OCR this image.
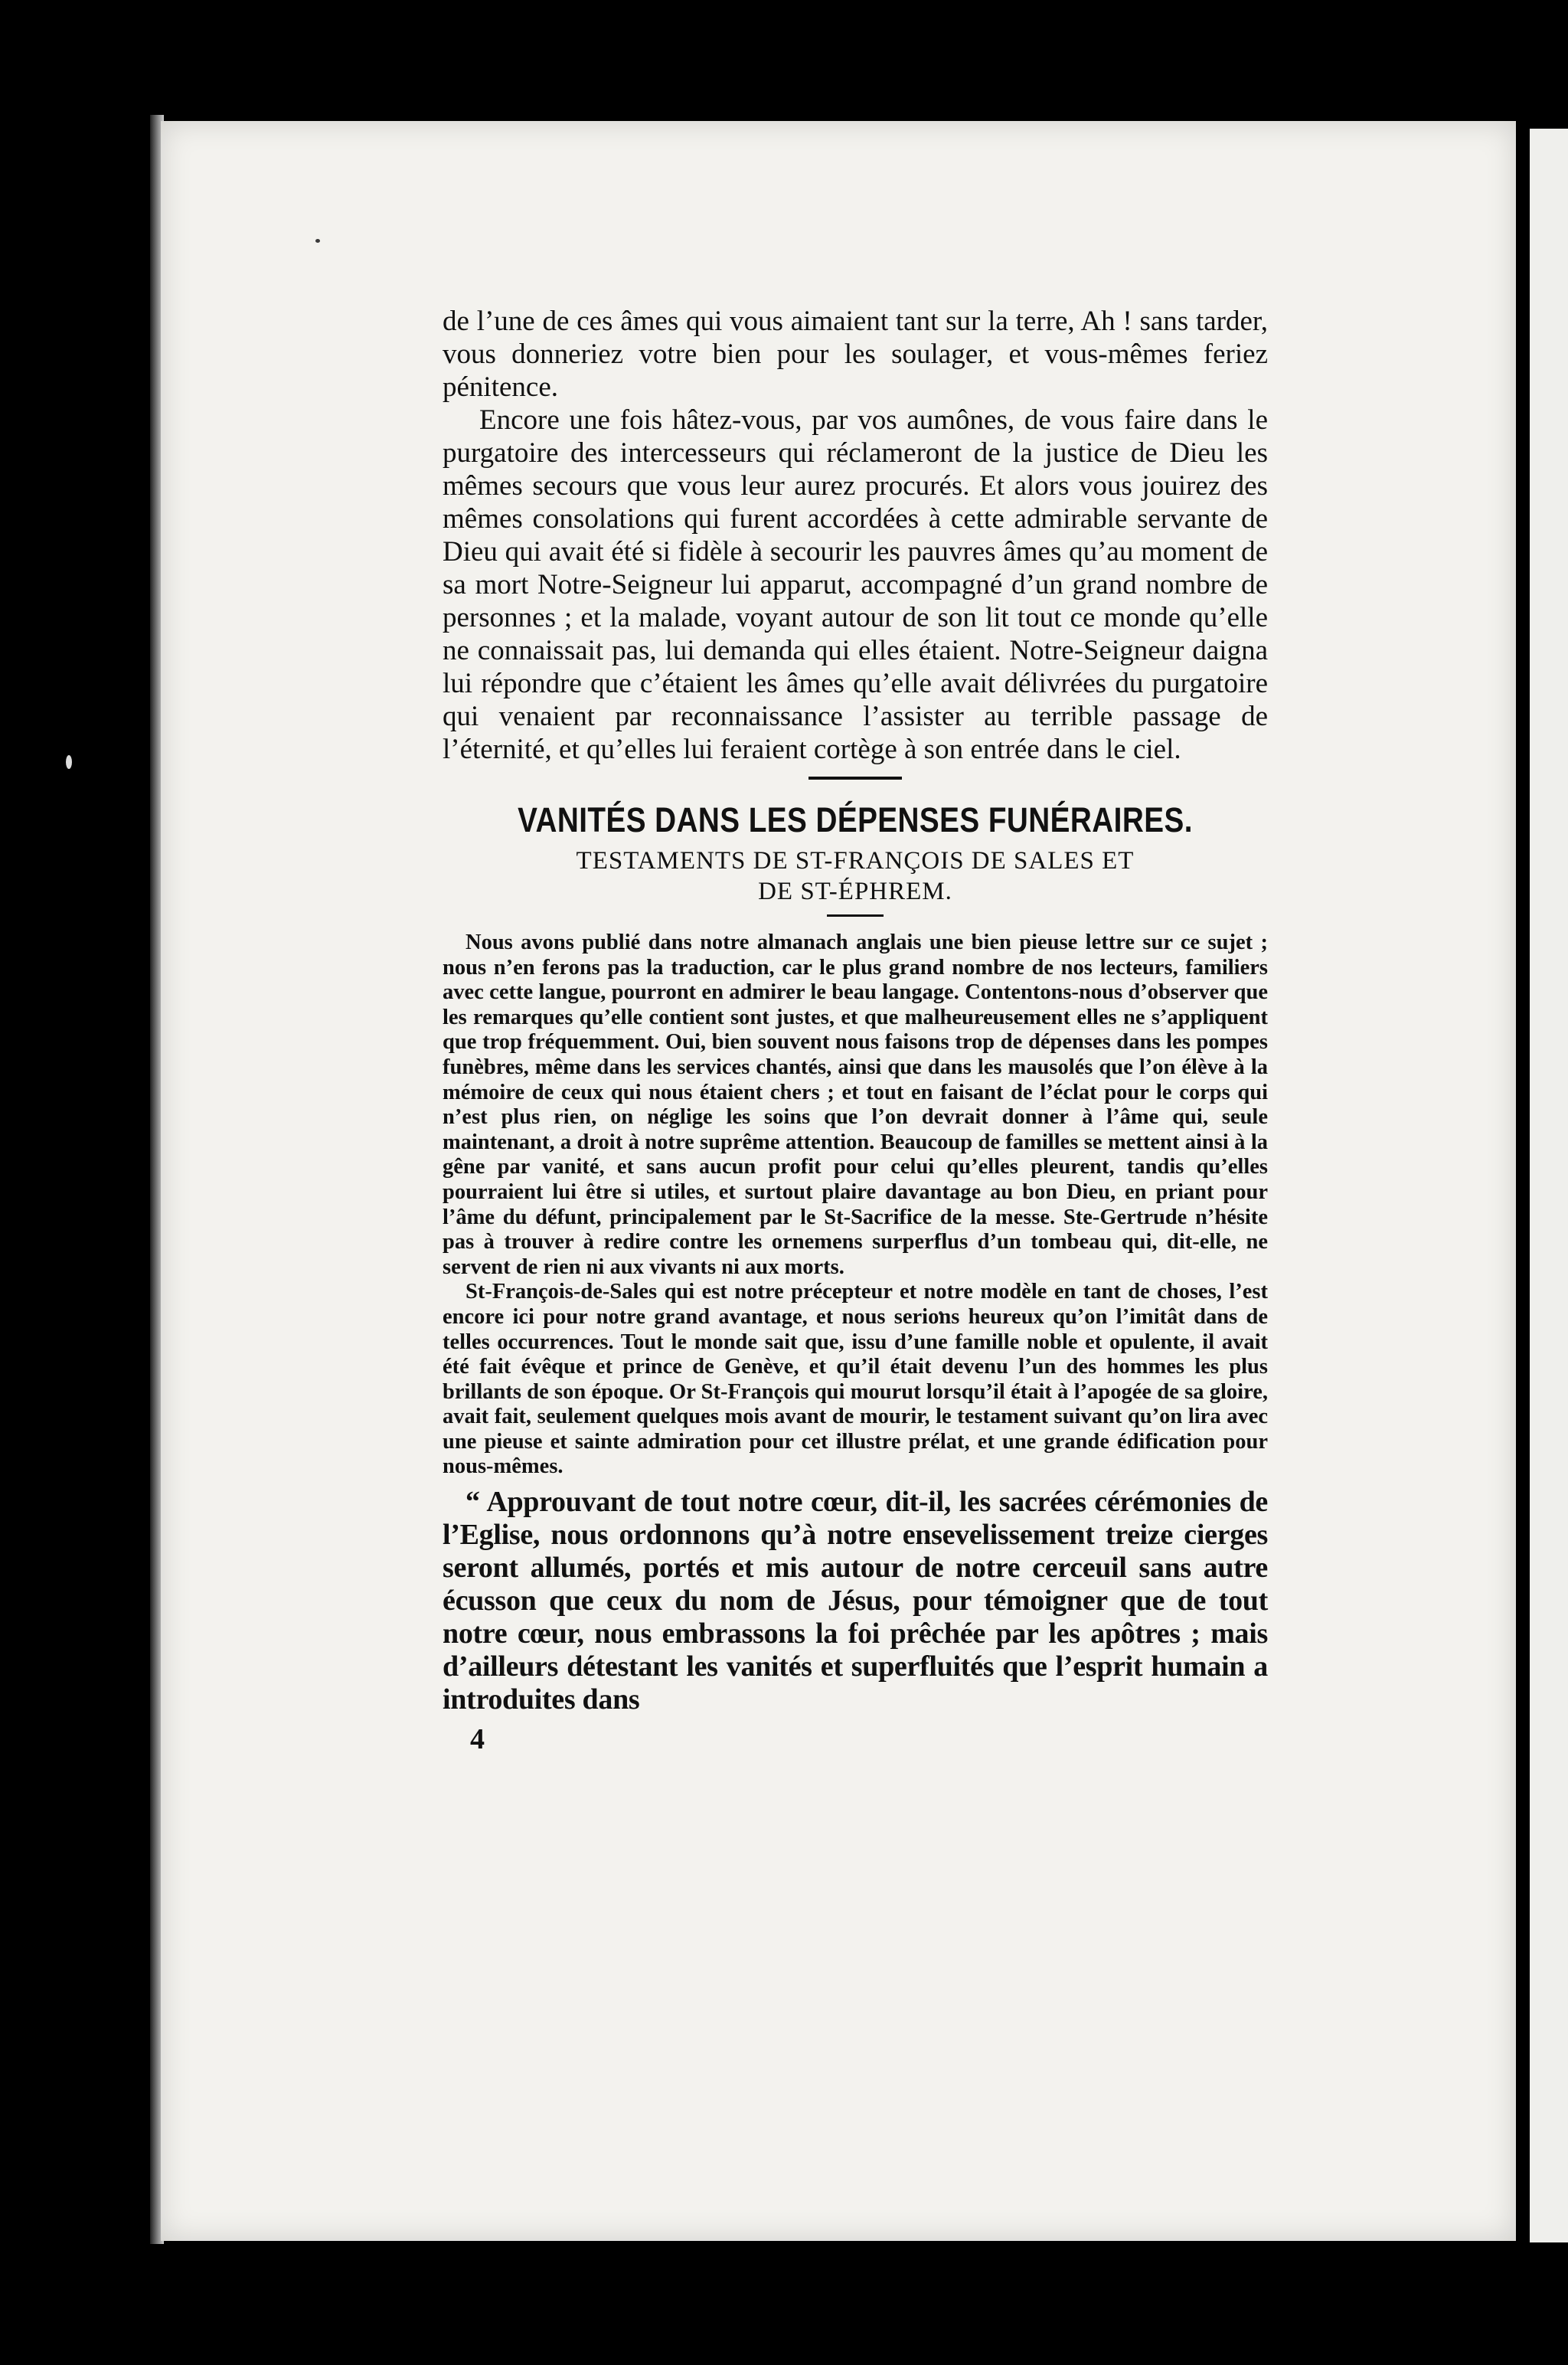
de l’une de ces âmes qui vous aimaient tant sur la terre, Ah ! sans tarder, vous donneriez votre bien pour les soulager, et vous-mêmes feriez pénitence.

Encore une fois hâtez-vous, par vos aumônes, de vous faire dans le purgatoire des intercesseurs qui réclameront de la justice de Dieu les mêmes secours que vous leur aurez procurés. Et alors vous jouirez des mêmes consolations qui furent accordées à cette admirable servante de Dieu qui avait été si fidèle à secourir les pauvres âmes qu’au moment de sa mort Notre-Seigneur lui apparut, accompagné d’un grand nombre de personnes ; et la malade, voyant autour de son lit tout ce monde qu’elle ne connaissait pas, lui demanda qui elles étaient. Notre-Seigneur daigna lui répondre que c’étaient les âmes qu’elle avait délivrées du purgatoire qui venaient par reconnaissance l’assister au terrible passage de l’éternité, et qu’elles lui feraient cortège à son entrée dans le ciel.

VANITÉS DANS LES DÉPENSES FUNÉRAIRES.
TESTAMENTS DE ST-FRANÇOIS DE SALES ET
DE ST-ÉPHREM.

Nous avons publié dans notre almanach anglais une bien pieuse lettre sur ce sujet ; nous n’en ferons pas la traduction, car le plus grand nombre de nos lecteurs, familiers avec cette langue, pourront en admirer le beau langage. Contentons-nous d’observer que les remarques qu’elle contient sont justes, et que malheureusement elles ne s’appliquent que trop fréquemment. Oui, bien souvent nous faisons trop de dépenses dans les pompes funèbres, même dans les services chantés, ainsi que dans les mausolés que l’on élève à la mémoire de ceux qui nous étaient chers ; et tout en faisant de l’éclat pour le corps qui n’est plus rien, on néglige les soins que l’on devrait donner à l’âme qui, seule maintenant, a droit à notre suprême attention. Beaucoup de familles se mettent ainsi à la gêne par vanité, et sans aucun profit pour celui qu’elles pleurent, tandis qu’elles pourraient lui être si utiles, et surtout plaire davantage au bon Dieu, en priant pour l’âme du défunt, principalement par le St-Sacrifice de la messe. Ste-Gertrude n’hésite pas à trouver à redire contre les ornemens surperflus d’un tombeau qui, dit-elle, ne servent de rien ni aux vivants ni aux morts.

St-François-de-Sales qui est notre précepteur et notre modèle en tant de choses, l’est encore ici pour notre grand avantage, et nous serions heureux qu’on l’imitât dans de telles occurrences. Tout le monde sait que, issu d’une famille noble et opulente, il avait été fait évêque et prince de Genève, et qu’il était devenu l’un des hommes les plus brillants de son époque. Or St-François qui mourut lorsqu’il était à l’apogée de sa gloire, avait fait, seulement quelques mois avant de mourir, le testament suivant qu’on lira avec une pieuse et sainte admiration pour cet illustre prélat, et une grande édification pour nous-mêmes.

“ Approuvant de tout notre cœur, dit-il, les sacrées cérémonies de l’Eglise, nous ordonnons qu’à notre ensevelissement treize cierges seront allumés, portés et mis autour de notre cerceuil sans autre écusson que ceux du nom de Jésus, pour témoigner que de tout notre cœur, nous embrassons la foi prêchée par les apôtres ; mais d’ailleurs détestant les vanités et superfluités que l’esprit humain a introduites dans

4
